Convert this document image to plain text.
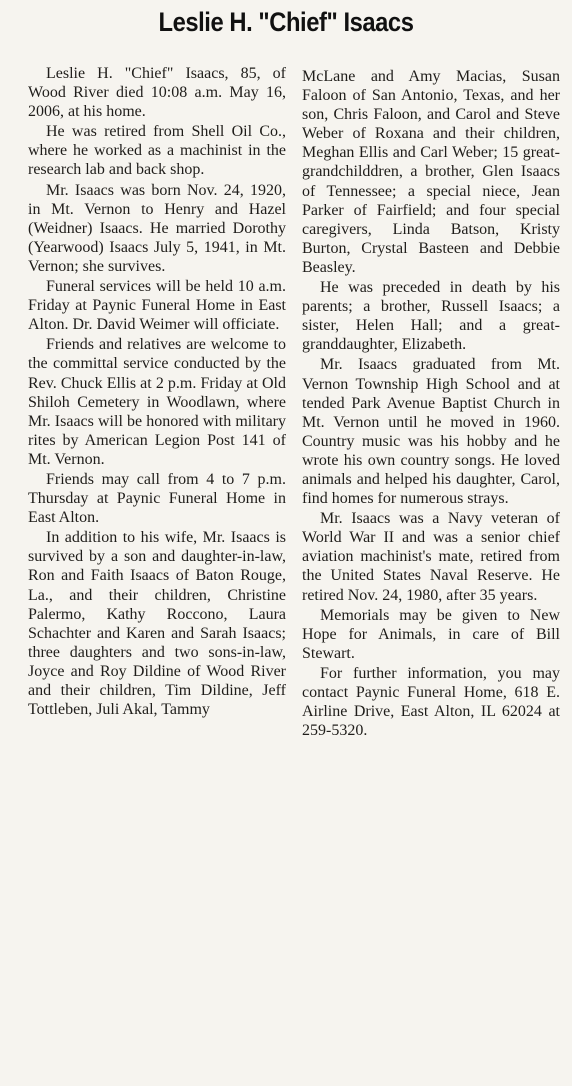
Leslie H. "Chief" Isaacs

Leslie H. "Chief" Isaacs, 85, of Wood River died 10:08 a.m. May 16, 2006, at his home.

He was retired from Shell Oil Co., where he worked as a machinist in the research lab and back shop.

Mr. Isaacs was born Nov. 24, 1920, in Mt. Vernon to Henry and Hazel (Weidner) Isaacs. He married Dorothy (Yearwood) Isaacs July 5, 1941, in Mt. Vernon; she survives.

Funeral services will be held 10 a.m. Friday at Paynic Funeral Home in East Alton. Dr. David Weimer will officiate.

Friends and relatives are welcome to the committal service conducted by the Rev. Chuck Ellis at 2 p.m. Friday at Old Shiloh Cemetery in Woodlawn, where Mr. Isaacs will be honored with military rites by American Legion Post 141 of Mt. Vernon.

Friends may call from 4 to 7 p.m. Thursday at Paynic Funeral Home in East Alton.

In addition to his wife, Mr. Isaacs is survived by a son and daughter-in-law, Ron and Faith Isaacs of Baton Rouge, La., and their children, Christine Palermo, Kathy Roccono, Laura Schachter and Karen and Sarah Isaacs; three daughters and two sons-in-law, Joyce and Roy Dildine of Wood River and their children, Tim Dildine, Jeff Tottleben, Juli Akal, Tammy

McLane and Amy Macias, Susan Faloon of San Antonio, Texas, and her son, Chris Faloon, and Carol and Steve Weber of Roxana and their children, Meghan Ellis and Carl Weber; 15 great-grandchilddren, a brother, Glen Isaacs of Tennessee; a special niece, Jean Parker of Fairfield; and four special caregivers, Linda Batson, Kristy Burton, Crystal Basteen and Debbie Beasley.

He was preceded in death by his parents; a brother, Russell Isaacs; a sister, Helen Hall; and a great-granddaughter, Elizabeth.

Mr. Isaacs graduated from Mt. Vernon Township High School and at tended Park Avenue Baptist Church in Mt. Vernon until he moved in 1960. Country music was his hobby and he wrote his own country songs. He loved animals and helped his daughter, Carol, find homes for numerous strays.

Mr. Isaacs was a Navy veteran of World War II and was a senior chief aviation machinist's mate, retired from the United States Naval Reserve. He retired Nov. 24, 1980, after 35 years.

Memorials may be given to New Hope for Animals, in care of Bill Stewart.

For further information, you may contact Paynic Funeral Home, 618 E. Airline Drive, East Alton, IL 62024 at 259-5320.
